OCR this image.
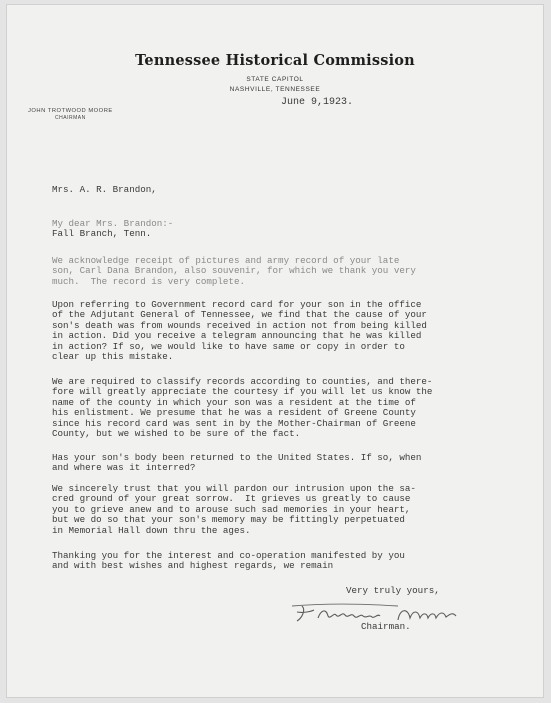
Tennessee Historical Commission
STATE CAPITOL
NASHVILLE, TENNESSEE
JOHN TROTWOOD MOORE
CHAIRMAN
June 9,1923.

Mrs. A. R. Brandon,

Fall Branch, Tenn.

My dear Mrs. Brandon:-
We acknowledge receipt of pictures and army record of your late
son, Carl Dana Brandon, also souvenir, for which we thank you very
much.  The record is very complete.
Upon referring to Government record card for your son in the office
of the Adjutant General of Tennessee, we find that the cause of your
son's death was from wounds received in action not from being killed
in action. Did you receive a telegram announcing that he was killed
in action? If so, we would like to have same or copy in order to
clear up this mistake.
We are required to classify records according to counties, and there-
fore will greatly appreciate the courtesy if you will let us know the
name of the county in which your son was a resident at the time of
his enlistment. We presume that he was a resident of Greene County
since his record card was sent in by the Mother-Chairman of Greene
County, but we wished to be sure of the fact.
Has your son's body been returned to the United States. If so, when
and where was it interred?
We sincerely trust that you will pardon our intrusion upon the sa-
cred ground of your great sorrow.  It grieves us greatly to cause
you to grieve anew and to arouse such sad memories in your heart,
but we do so that your son's memory may be fittingly perpetuated
in Memorial Hall down thru the ages.
Thanking you for the interest and co-operation manifested by you
and with best wishes and highest regards, we remain
Very truly yours,
Chairman.
